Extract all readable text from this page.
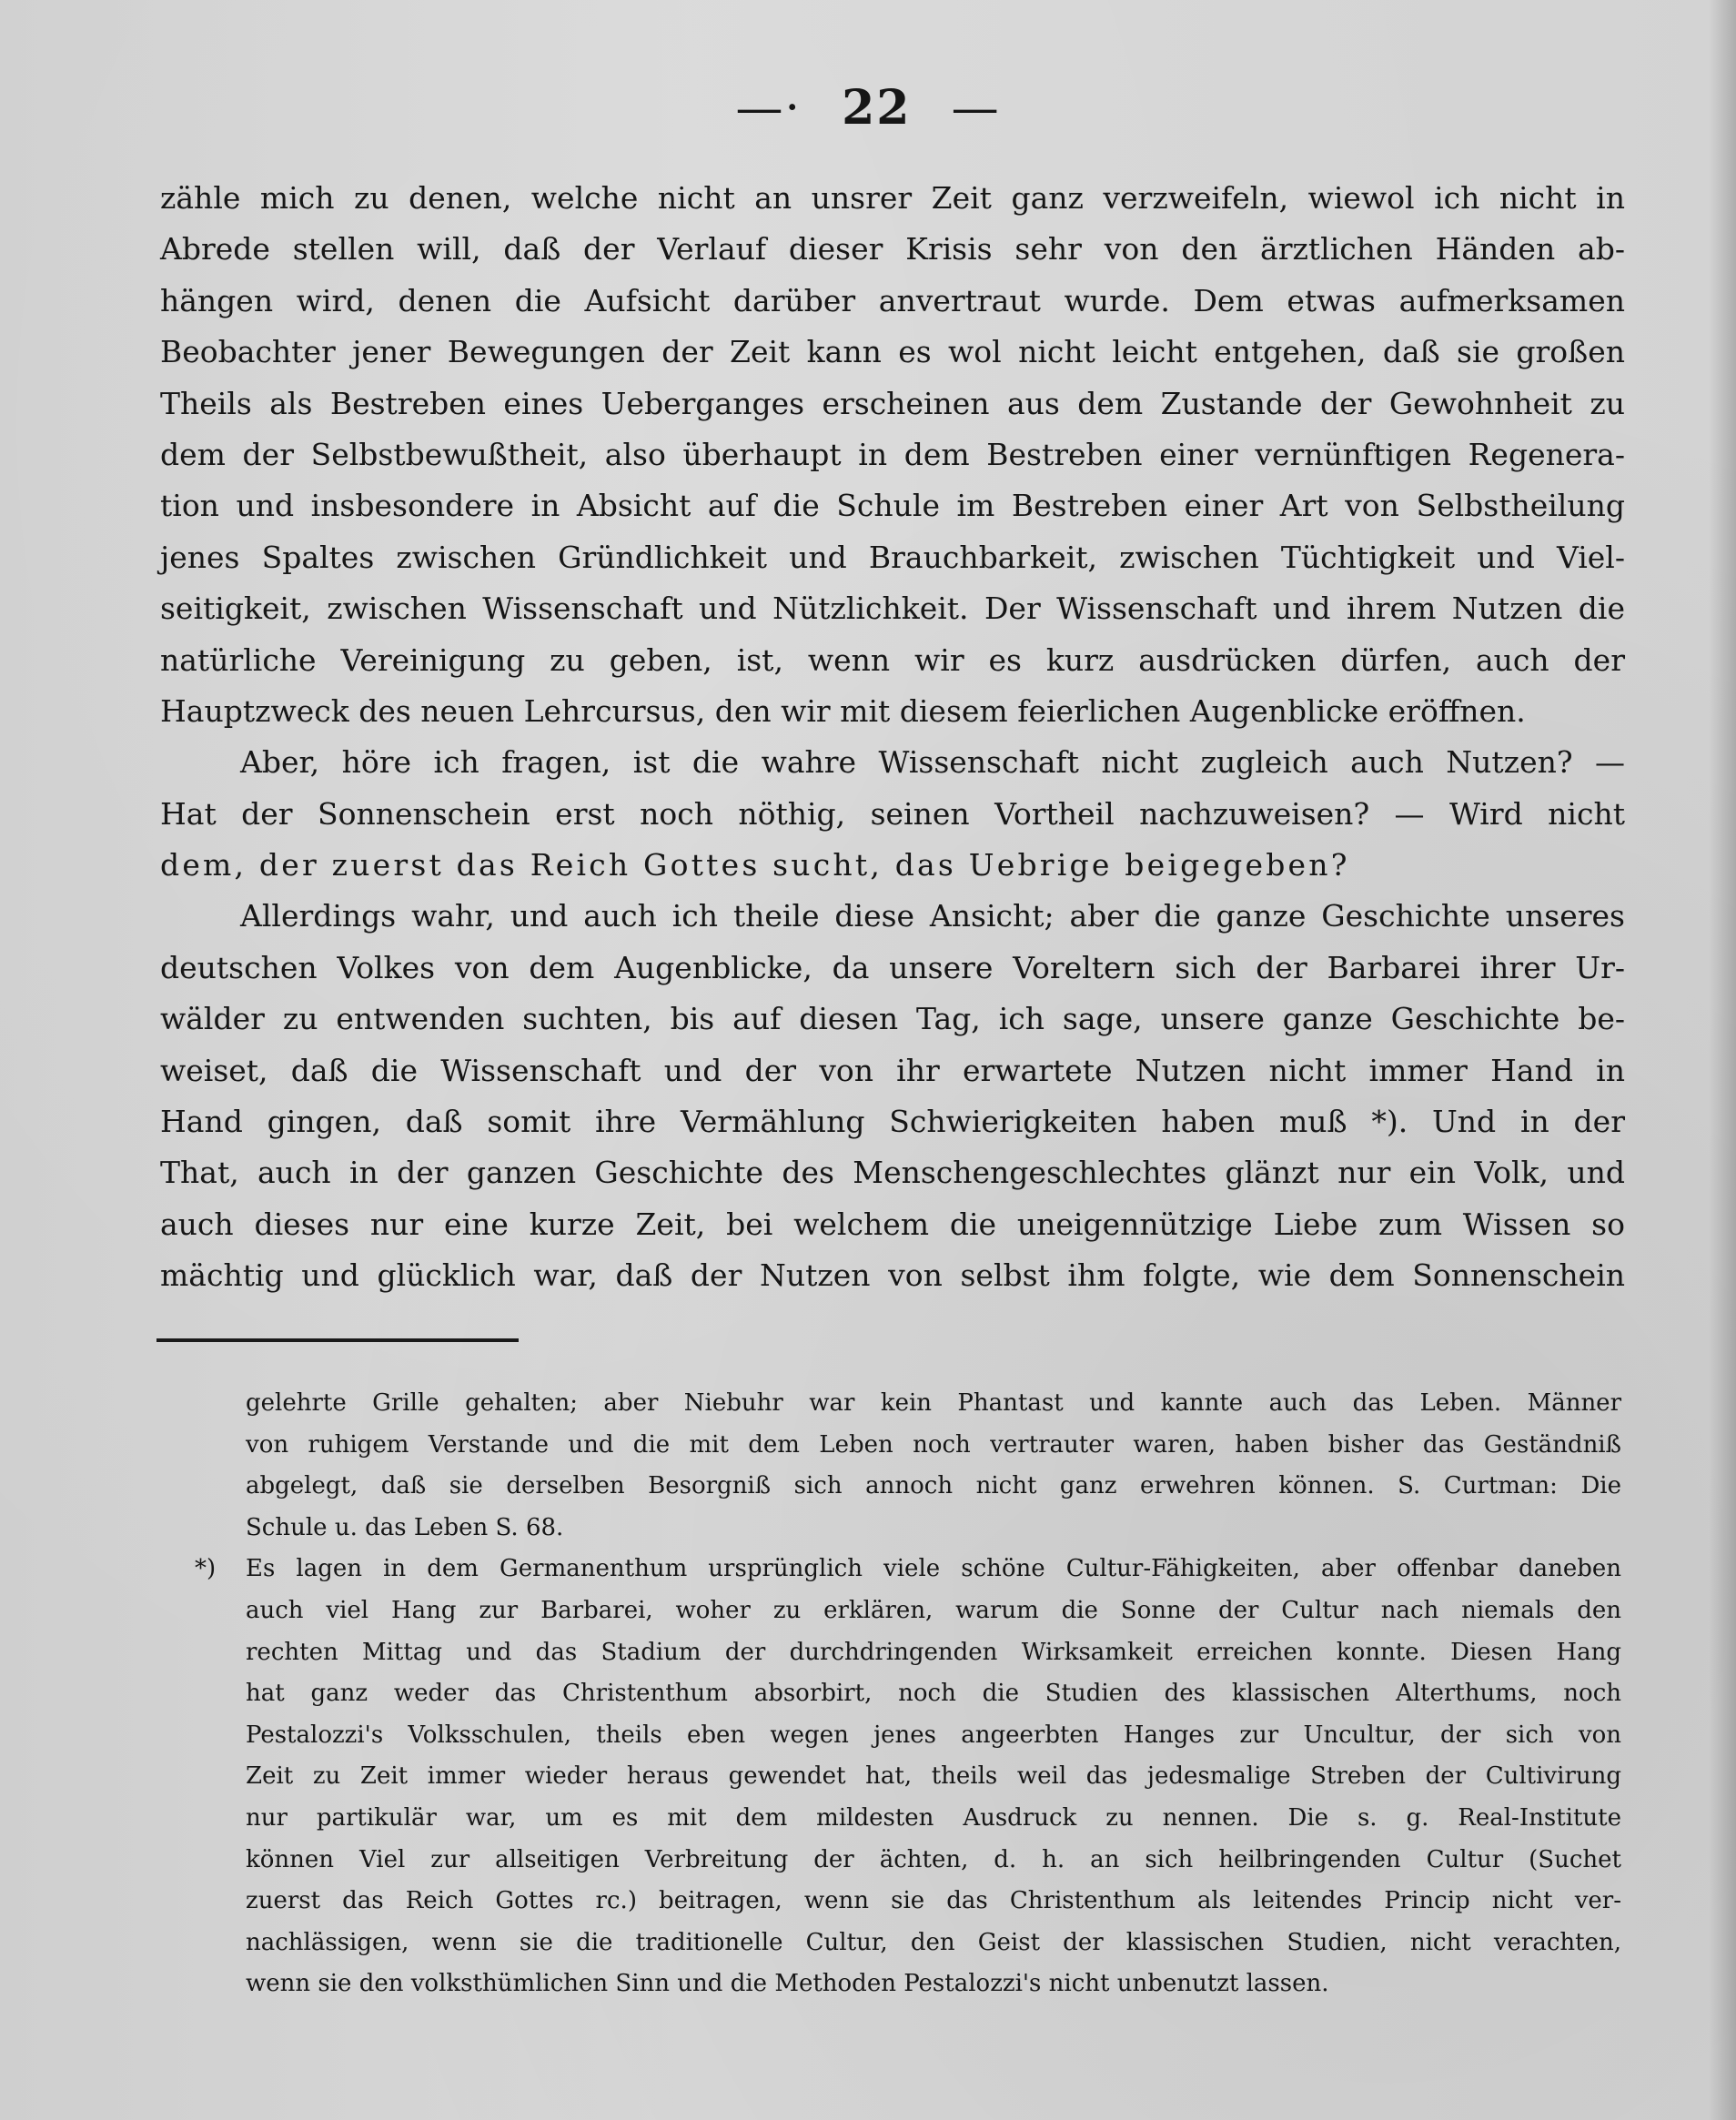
—· 22 —
zähle mich zu denen, welche nicht an unsrer Zeit ganz verzweifeln, wiewol ich nicht in
Abrede stellen will, daß der Verlauf dieser Krisis sehr von den ärztlichen Händen ab-
hängen wird, denen die Aufsicht darüber anvertraut wurde. Dem etwas aufmerksamen
Beobachter jener Bewegungen der Zeit kann es wol nicht leicht entgehen, daß sie großen
Theils als Bestreben eines Ueberganges erscheinen aus dem Zustande der Gewohnheit zu
dem der Selbstbewußtheit, also überhaupt in dem Bestreben einer vernünftigen Regenera-
tion und insbesondere in Absicht auf die Schule im Bestreben einer Art von Selbstheilung
jenes Spaltes zwischen Gründlichkeit und Brauchbarkeit, zwischen Tüchtigkeit und Viel-
seitigkeit, zwischen Wissenschaft und Nützlichkeit. Der Wissenschaft und ihrem Nutzen die
natürliche Vereinigung zu geben, ist, wenn wir es kurz ausdrücken dürfen, auch der
Hauptzweck des neuen Lehrcursus, den wir mit diesem feierlichen Augenblicke eröffnen.
Aber, höre ich fragen, ist die wahre Wissenschaft nicht zugleich auch Nutzen? —
Hat der Sonnenschein erst noch nöthig, seinen Vortheil nachzuweisen? — Wird nicht
dem, der zuerst das Reich Gottes sucht, das Uebrige beigegeben?
Allerdings wahr, und auch ich theile diese Ansicht; aber die ganze Geschichte unseres
deutschen Volkes von dem Augenblicke, da unsere Voreltern sich der Barbarei ihrer Ur-
wälder zu entwenden suchten, bis auf diesen Tag, ich sage, unsere ganze Geschichte be-
weiset, daß die Wissenschaft und der von ihr erwartete Nutzen nicht immer Hand in
Hand gingen, daß somit ihre Vermählung Schwierigkeiten haben muß *). Und in der
That, auch in der ganzen Geschichte des Menschengeschlechtes glänzt nur ein Volk, und
auch dieses nur eine kurze Zeit, bei welchem die uneigennützige Liebe zum Wissen so
mächtig und glücklich war, daß der Nutzen von selbst ihm folgte, wie dem Sonnenschein
gelehrte Grille gehalten; aber Niebuhr war kein Phantast und kannte auch das Leben. Männer
von ruhigem Verstande und die mit dem Leben noch vertrauter waren, haben bisher das Geständniß
abgelegt, daß sie derselben Besorgniß sich annoch nicht ganz erwehren können. S. Curtman: Die
Schule u. das Leben S. 68.
*) Es lagen in dem Germanenthum ursprünglich viele schöne Cultur-Fähigkeiten, aber offenbar daneben
auch viel Hang zur Barbarei, woher zu erklären, warum die Sonne der Cultur nach niemals den
rechten Mittag und das Stadium der durchdringenden Wirksamkeit erreichen konnte. Diesen Hang
hat ganz weder das Christenthum absorbirt, noch die Studien des klassischen Alterthums, noch
Pestalozzi's Volksschulen, theils eben wegen jenes angeerbten Hanges zur Uncultur, der sich von
Zeit zu Zeit immer wieder heraus gewendet hat, theils weil das jedesmalige Streben der Cultivirung
nur partikulär war, um es mit dem mildesten Ausdruck zu nennen. Die s. g. Real-Institute
können Viel zur allseitigen Verbreitung der ächten, d. h. an sich heilbringenden Cultur (Suchet
zuerst das Reich Gottes rc.) beitragen, wenn sie das Christenthum als leitendes Princip nicht ver-
nachlässigen, wenn sie die traditionelle Cultur, den Geist der klassischen Studien, nicht verachten,
wenn sie den volksthümlichen Sinn und die Methoden Pestalozzi's nicht unbenutzt lassen.
